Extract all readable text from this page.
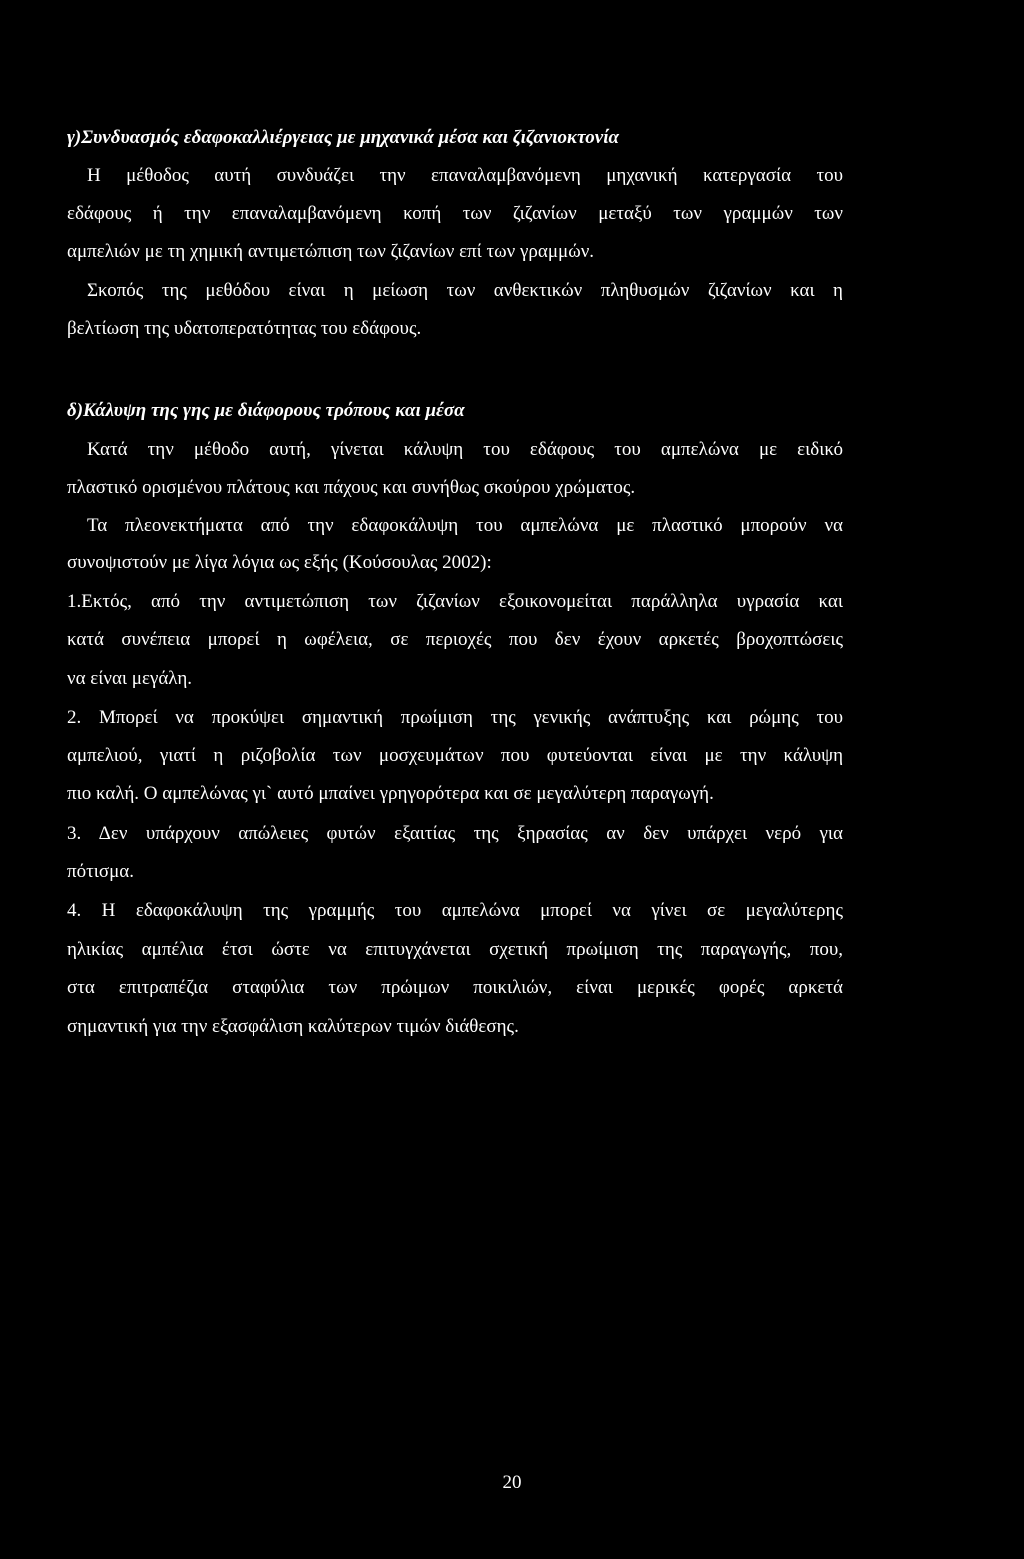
γ)Συνδυασμός εδαφοκαλλιέργειας με μηχανικά μέσα και ζιζανιοκτονία
Η μέθοδος αυτή συνδυάζει την επαναλαμβανόμενη μηχανική κατεργασία του
εδάφους ή την επαναλαμβανόμενη κοπή των ζιζανίων μεταξύ των γραμμών των
αμπελιών με τη χημική αντιμετώπιση των ζιζανίων επί των γραμμών.
Σκοπός της μεθόδου είναι η μείωση των ανθεκτικών πληθυσμών ζιζανίων και η
βελτίωση της υδατοπερατότητας του εδάφους.
δ)Κάλυψη της γης με διάφορους τρόπους και μέσα
Κατά την μέθοδο αυτή, γίνεται κάλυψη του εδάφους του αμπελώνα με ειδικό
πλαστικό ορισμένου πλάτους και πάχους και συνήθως σκούρου χρώματος.
Τα πλεονεκτήματα από την εδαφοκάλυψη του αμπελώνα με πλαστικό μπορούν να
συνοψιστούν με λίγα λόγια ως εξής (Κούσουλας 2002):
1.Εκτός, από την αντιμετώπιση των ζιζανίων εξοικονομείται παράλληλα υγρασία και
κατά συνέπεια μπορεί η ωφέλεια, σε περιοχές που δεν έχουν αρκετές βροχοπτώσεις
να είναι μεγάλη.
2. Μπορεί να προκύψει σημαντική πρωίμιση της γενικής ανάπτυξης και ρώμης του
αμπελιού, γιατί η ριζοβολία των μοσχευμάτων που φυτεύονται είναι με την κάλυψη
πιο καλή. Ο αμπελώνας γι` αυτό μπαίνει γρηγορότερα και σε μεγαλύτερη παραγωγή.
3. Δεν υπάρχουν απώλειες φυτών εξαιτίας της ξηρασίας αν δεν υπάρχει νερό για
πότισμα.
4. Η εδαφοκάλυψη της γραμμής του αμπελώνα μπορεί να γίνει σε μεγαλύτερης
ηλικίας αμπέλια έτσι ώστε να επιτυγχάνεται σχετική πρωίμιση της παραγωγής, που,
στα επιτραπέζια σταφύλια των πρώιμων ποικιλιών, είναι μερικές φορές αρκετά
σημαντική για την εξασφάλιση καλύτερων τιμών διάθεσης.
20
